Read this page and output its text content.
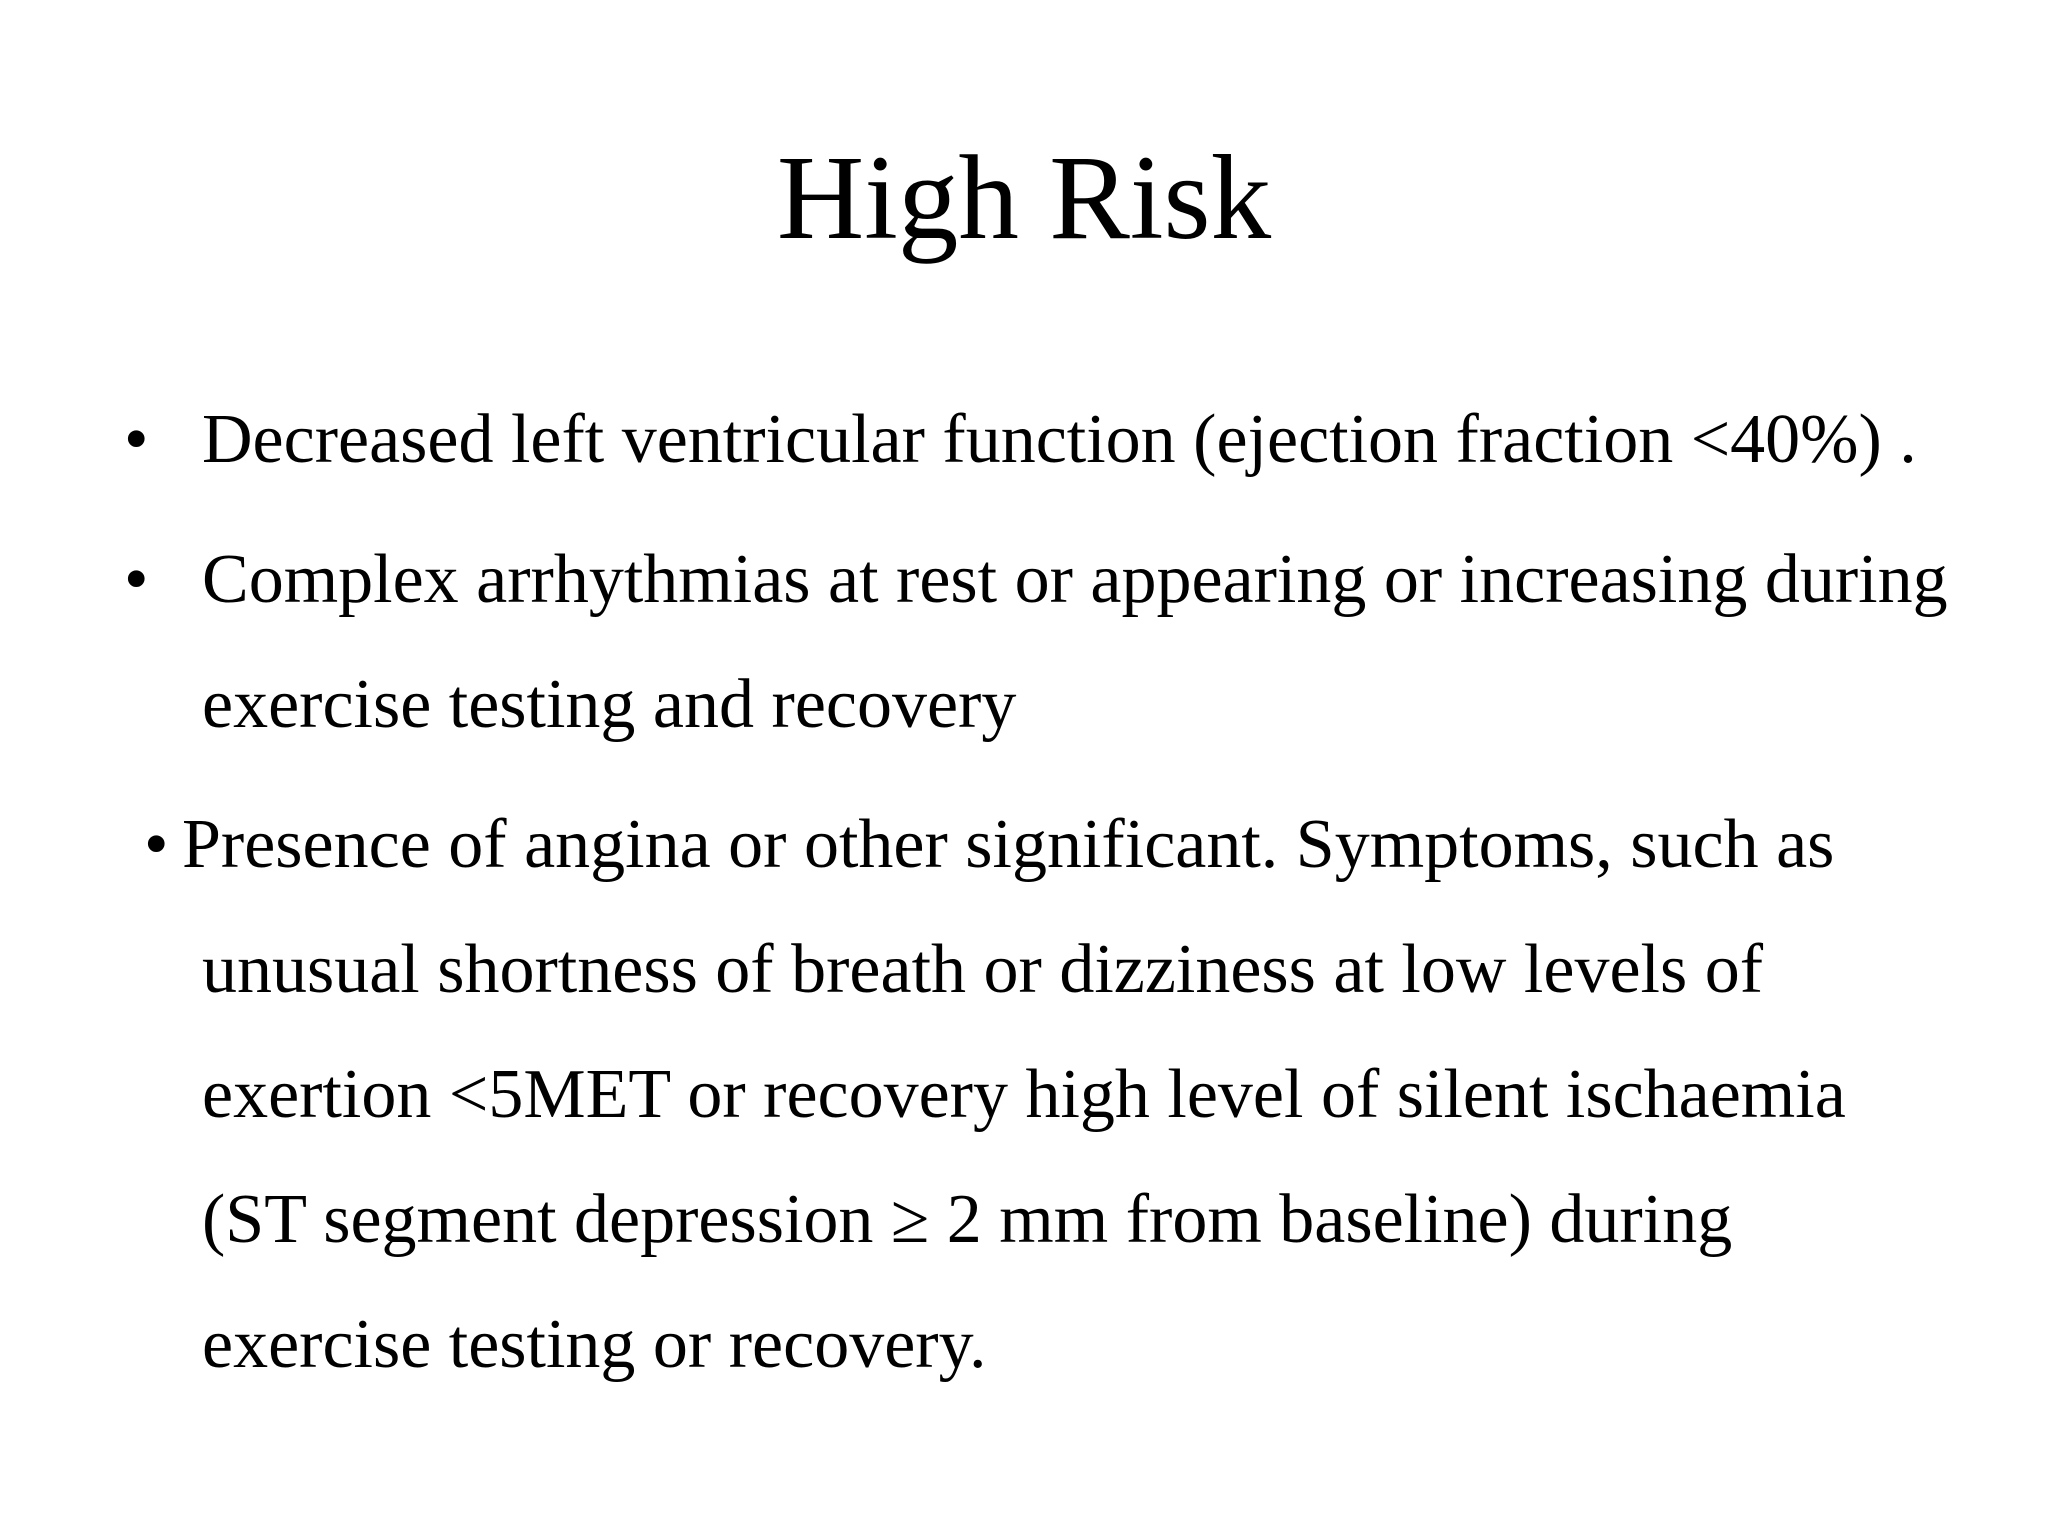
High Risk
• Decreased left ventricular function (ejection fraction <40%) .
• Complex arrhythmias at rest or appearing or increasing during
exercise testing and recovery
• Presence of angina or other significant. Symptoms, such as
unusual shortness of breath or dizziness at low levels of
exertion <5MET or recovery high level of silent ischaemia
(ST segment depression ≥ 2 mm from baseline) during
exercise testing or recovery.
